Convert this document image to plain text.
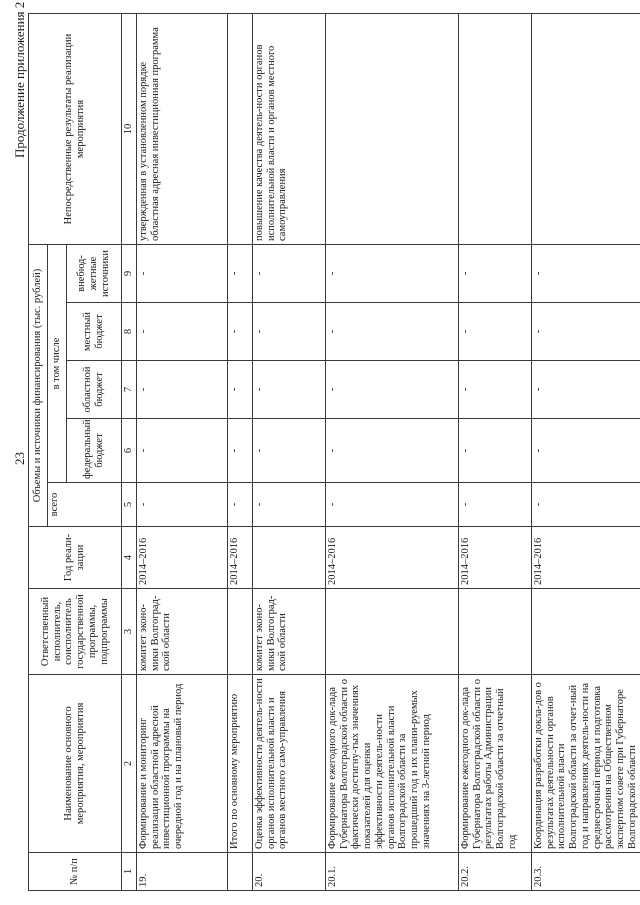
23
Продолжение приложения 2
№ п/п	Наименование основного мероприятия, мероприятия	Ответственный исполнитель, соисполнитель государственной программы, подпрограммы	Год реали-зации	Объемы и источники финансирования (тыс. рублей)					Непосредственные результаты реализации мероприятия
				всего	в том числе				
					федеральный бюджет	областной бюджет	местный бюджет	внебюд-жетные источники	
1	2	3	4	5	6	7	8	9	10
19.	Формирование и мониторинг реализации областной адресной инвестиционной программы на очередной год и на плановый период	комитет эконо-мики Волгоград-ской области	2014–2016	-	-	-	-	-	утвержденная в установленном порядке областная адресная инвестиционная программа
	Итого по основному мероприятию		2014–2016	-	-	-	-	-	
20.	Оценка эффективности деятель-ности органов исполнительной власти и органов местного само-управления	комитет эконо-мики Волгоград-ской области		-	-	-	-	-	повышение качества деятель-ности органов исполнительной власти и органов местного самоуправления
20.1.	Формирование ежегодного док-лада Губернатора Волгоградской области о фактически достигну-тых значениях показателей для оценки эффективности деятель-ности органов исполнительной власти Волгоградской области за прошедший год и их плани-руемых значениях на 3-летний период		2014–2016	-	-	-	-	-	
20.2.	Формирование ежегодного док-лада Губернатора Волгоградской области о результатах работы Администрации Волгоградской области за отчетный год		2014–2016	-	-	-	-	-	
20.3.	Координация разработки докла-дов о результатах деятельности органов исполнительной власти Волгоградской области за отчет-ный год и направлениях деятель-ности на среднесрочный период и подготовка рассмотрения на Общественном экспертном совете при Губернаторе Волгоградской области		2014–2016	-	-	-	-	-	
